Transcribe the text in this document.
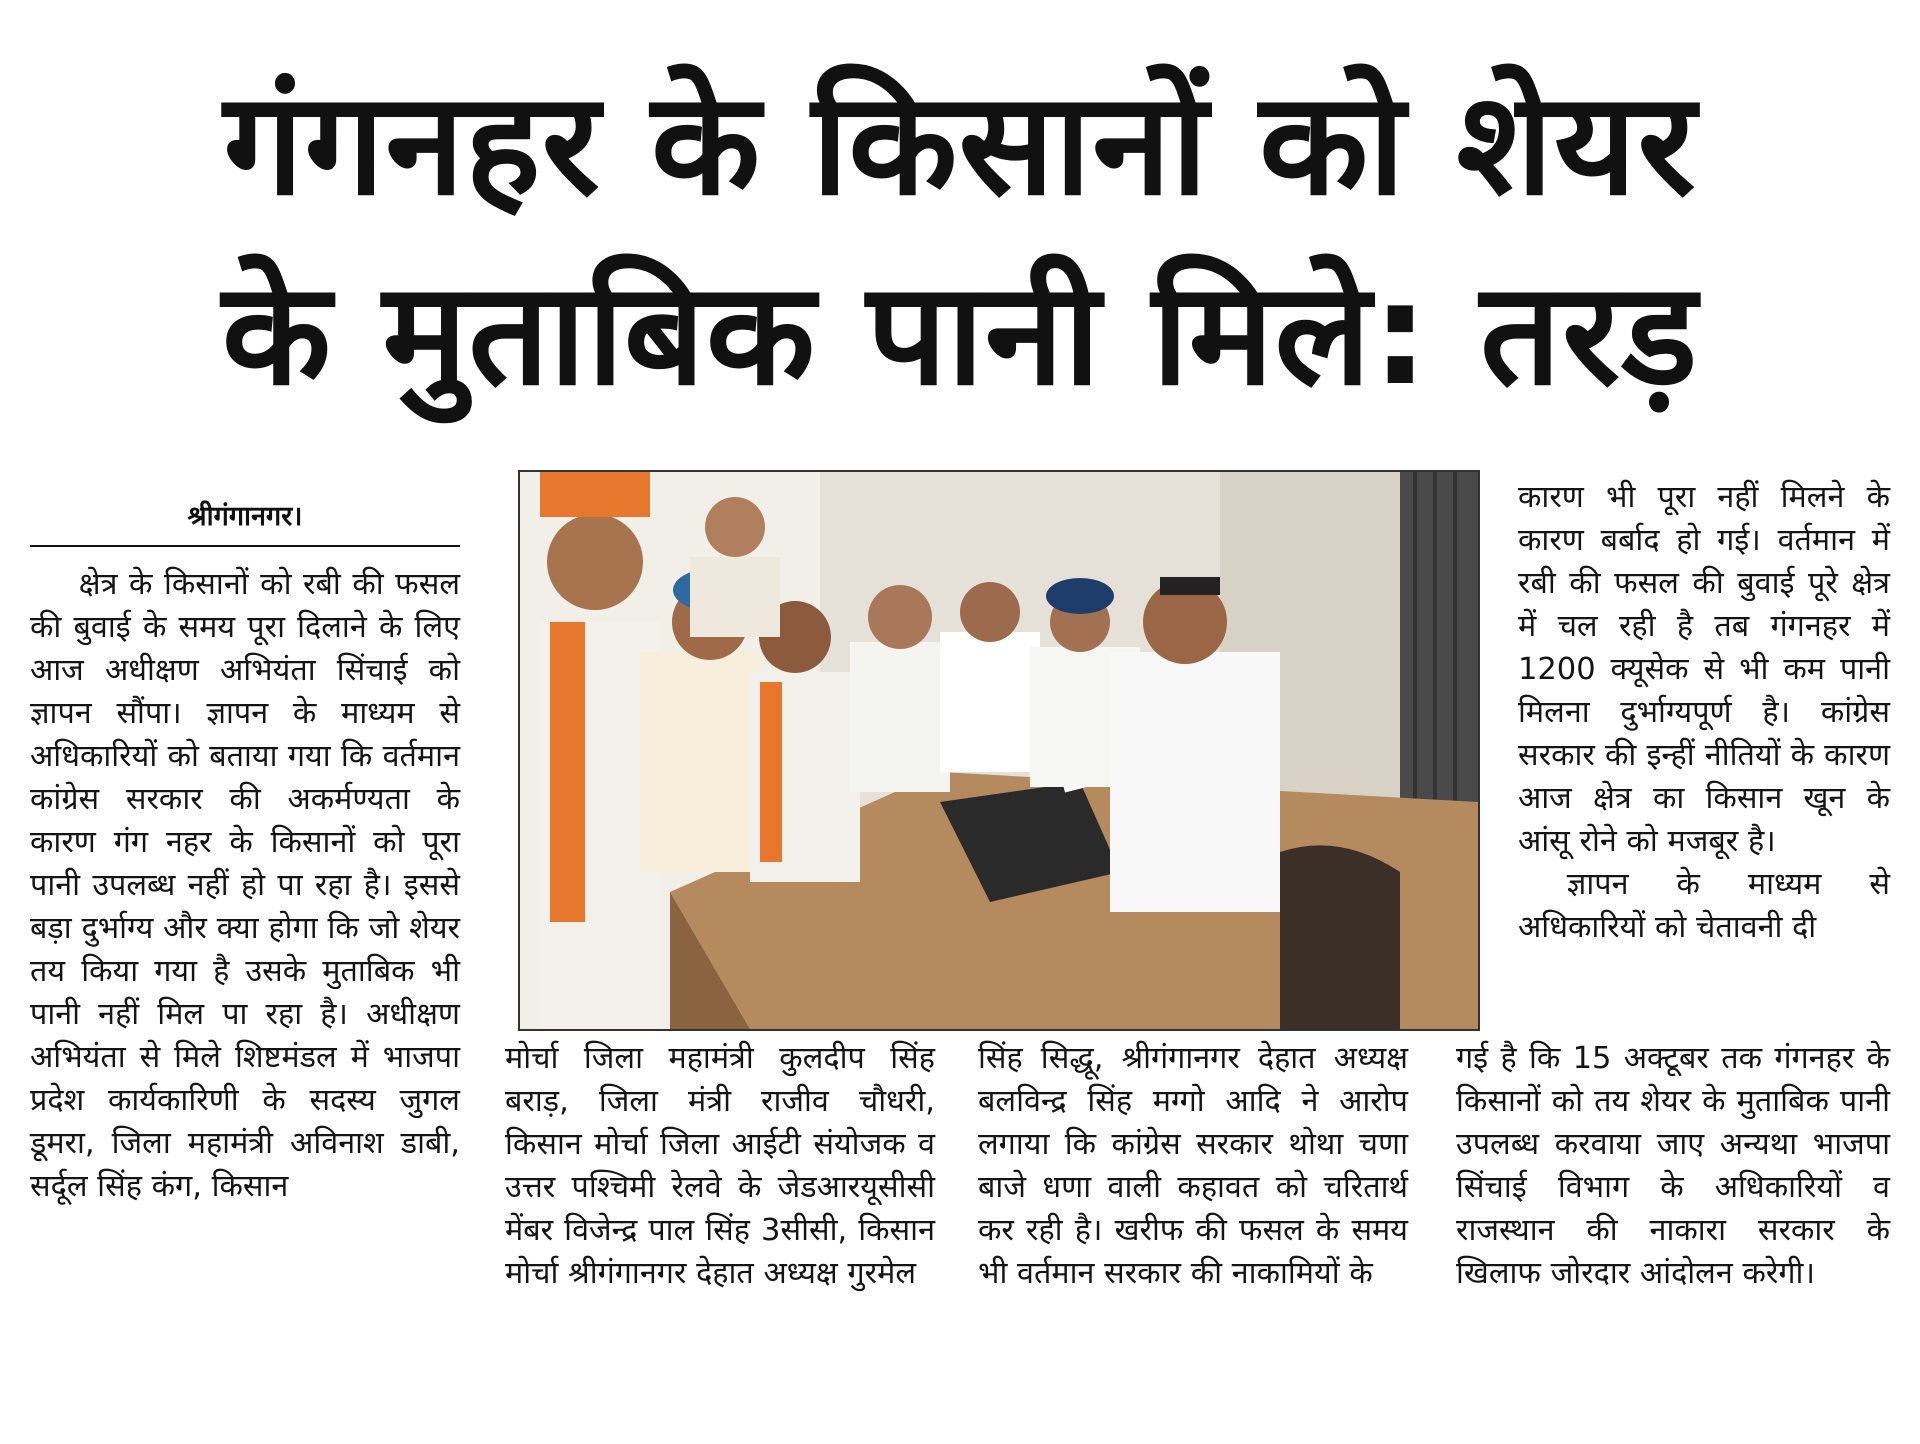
गंगनहर के किसानों को शेयर
के मुताबिक पानी मिले: तरड़
श्रीगंगानगर।

क्षेत्र के किसानों को रबी की फसल की बुवाई के समय पूरा दिलाने के लिए आज अधीक्षण अभियंता सिंचाई को ज्ञापन सौंपा। ज्ञापन के माध्यम से अधिकारियों को बताया गया कि वर्तमान कांग्रेस सरकार की अकर्मण्यता के कारण गंग नहर के किसानों को पूरा पानी उपलब्ध नहीं हो पा रहा है। इससे बड़ा दुर्भाग्य और क्या होगा कि जो शेयर तय किया गया है उसके मुताबिक भी पानी नहीं मिल पा रहा है। अधीक्षण अभियंता से मिले शिष्टमंडल में भाजपा प्रदेश कार्यकारिणी के सदस्य जुगल डूमरा, जिला महामंत्री अविनाश डाबी, सर्दूल सिंह कंग, किसान

मोर्चा जिला महामंत्री कुलदीप सिंह बराड़, जिला मंत्री राजीव चौधरी, किसान मोर्चा जिला आईटी संयोजक व उत्तर पश्चिमी रेलवे के जेडआरयूसीसी मेंबर विजेन्द्र पाल सिंह 3सीसी, किसान मोर्चा श्रीगंगानगर देहात अध्यक्ष गुरमेल

सिंह सिद्धू, श्रीगंगानगर देहात अध्यक्ष बलविन्द्र सिंह मग्गो आदि ने आरोप लगाया कि कांग्रेस सरकार थोथा चणा बाजे धणा वाली कहावत को चरितार्थ कर रही है। खरीफ की फसल के समय भी वर्तमान सरकार की नाकामियों के

कारण भी पूरा नहीं मिलने के कारण बर्बाद हो गई। वर्तमान में रबी की फसल की बुवाई पूरे क्षेत्र में चल रही है तब गंगनहर में 1200 क्यूसेक से भी कम पानी मिलना दुर्भाग्यपूर्ण है। कांग्रेस सरकार की इन्हीं नीतियों के कारण आज क्षेत्र का किसान खून के आंसू रोने को मजबूर है।

ज्ञापन के माध्यम से अधिकारियों को चेतावनी दी

गई है कि 15 अक्टूबर तक गंगनहर के किसानों को तय शेयर के मुताबिक पानी उपलब्ध करवाया जाए अन्यथा भाजपा सिंचाई विभाग के अधिकारियों व राजस्थान की नाकारा सरकार के खिलाफ जोरदार आंदोलन करेगी।
